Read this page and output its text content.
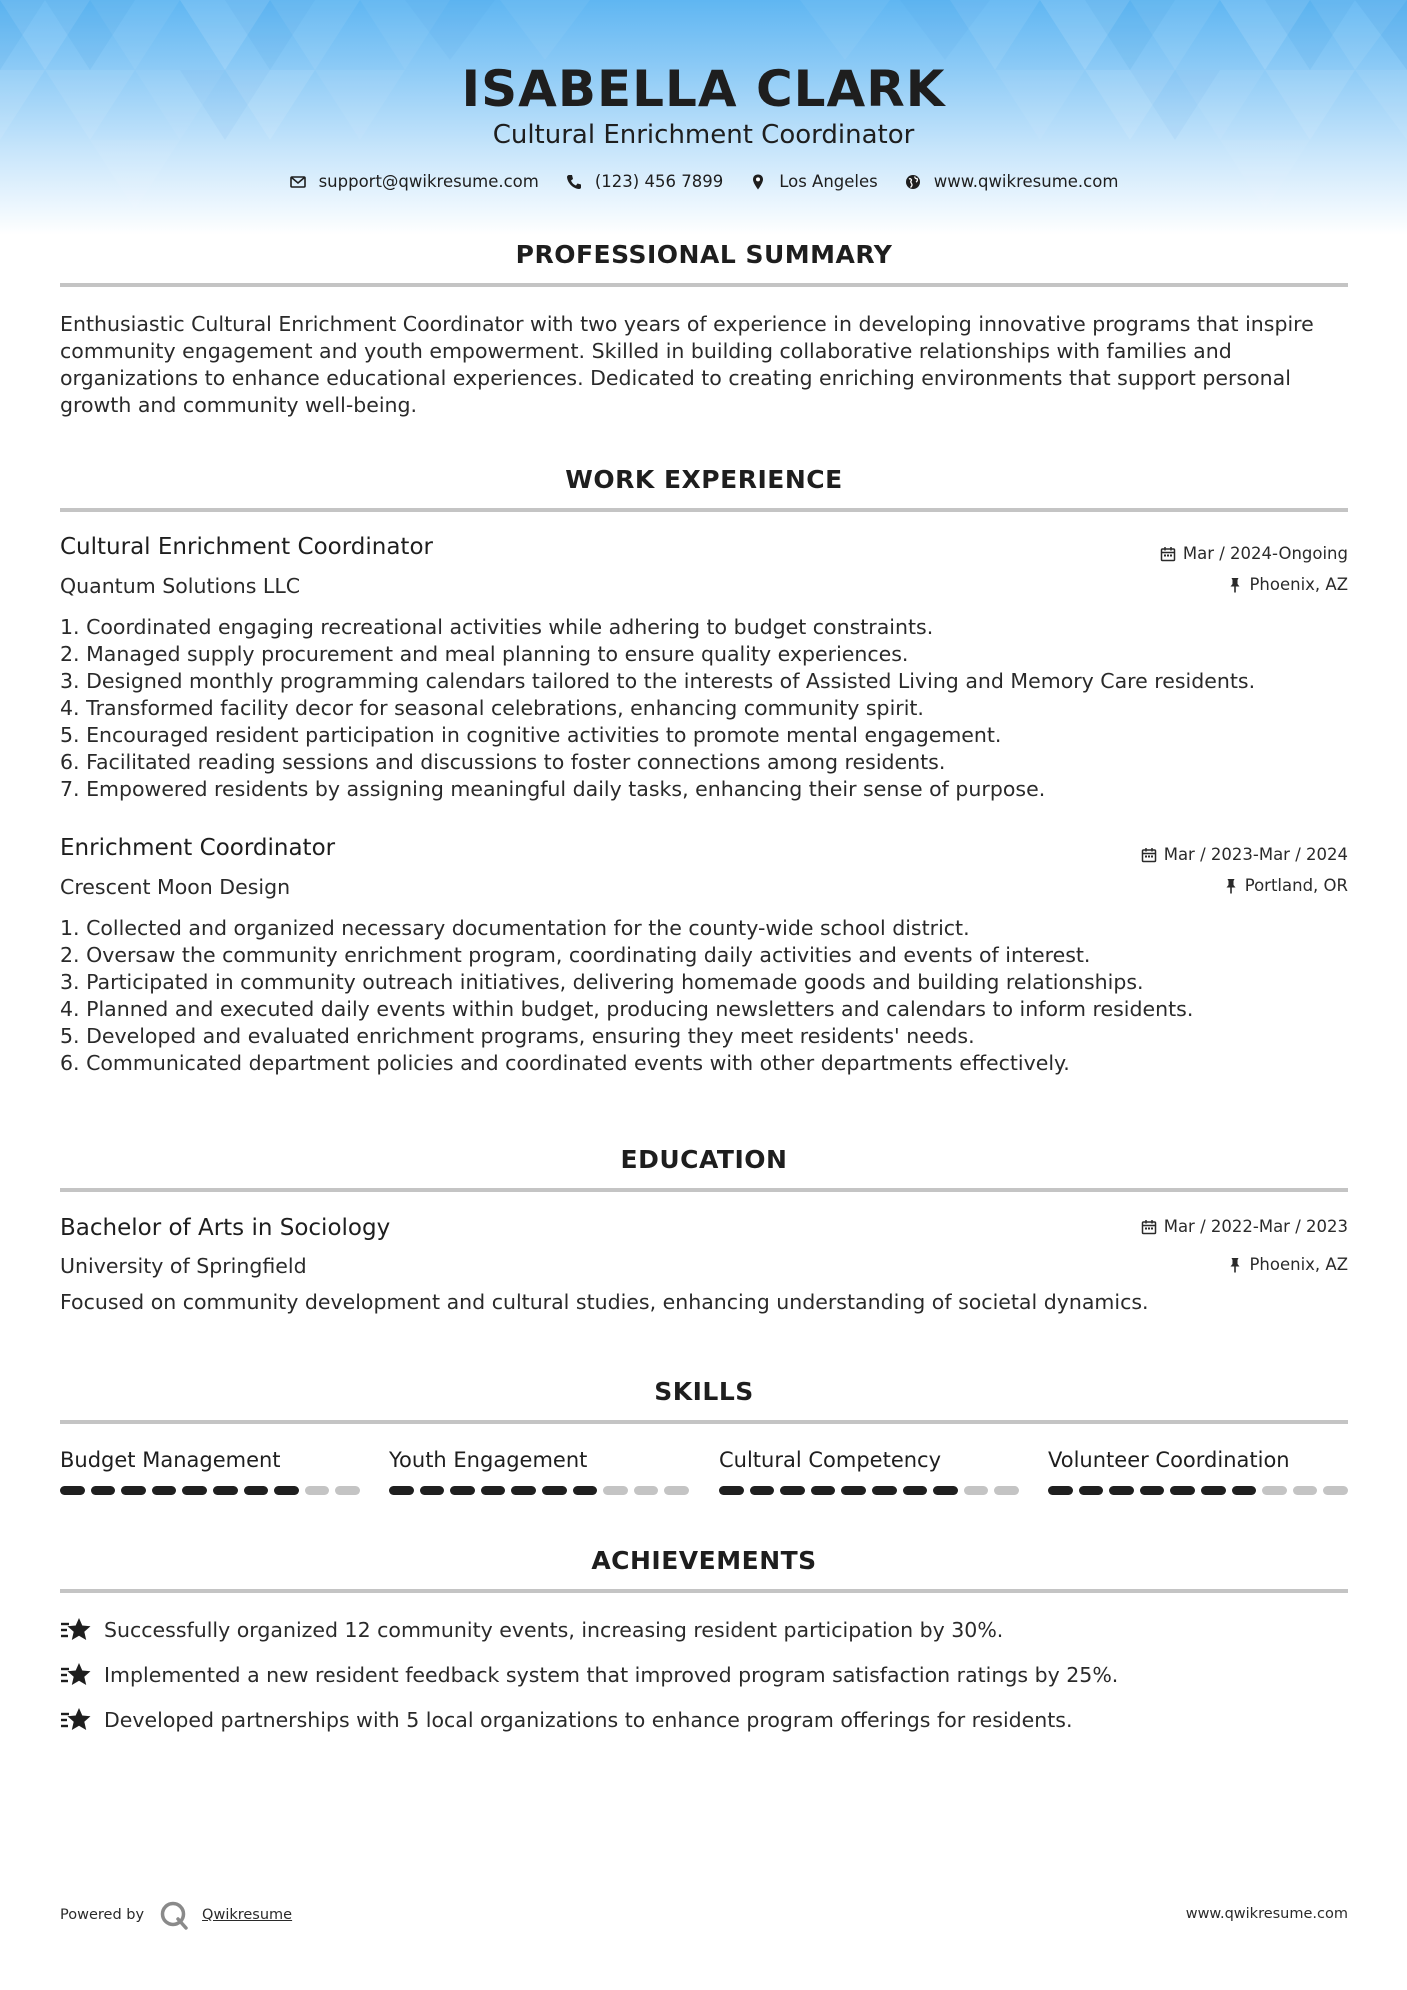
ISABELLA CLARK
Cultural Enrichment Coordinator
support@qwikresume.com	(123) 456 7899	Los Angeles	www.qwikresume.com
PROFESSIONAL SUMMARY
Enthusiastic Cultural Enrichment Coordinator with two years of experience in developing innovative programs that inspire community engagement and youth empowerment. Skilled in building collaborative relationships with families and organizations to enhance educational experiences. Dedicated to creating enriching environments that support personal growth and community well-being.
WORK EXPERIENCE
Cultural Enrichment Coordinator	Mar / 2024-Ongoing
Quantum Solutions LLC	Phoenix, AZ
1. Coordinated engaging recreational activities while adhering to budget constraints.
2. Managed supply procurement and meal planning to ensure quality experiences.
3. Designed monthly programming calendars tailored to the interests of Assisted Living and Memory Care residents.
4. Transformed facility decor for seasonal celebrations, enhancing community spirit.
5. Encouraged resident participation in cognitive activities to promote mental engagement.
6. Facilitated reading sessions and discussions to foster connections among residents.
7. Empowered residents by assigning meaningful daily tasks, enhancing their sense of purpose.
Enrichment Coordinator	Mar / 2023-Mar / 2024
Crescent Moon Design	Portland, OR
1. Collected and organized necessary documentation for the county-wide school district.
2. Oversaw the community enrichment program, coordinating daily activities and events of interest.
3. Participated in community outreach initiatives, delivering homemade goods and building relationships.
4. Planned and executed daily events within budget, producing newsletters and calendars to inform residents.
5. Developed and evaluated enrichment programs, ensuring they meet residents' needs.
6. Communicated department policies and coordinated events with other departments effectively.
EDUCATION
Bachelor of Arts in Sociology	Mar / 2022-Mar / 2023
University of Springfield	Phoenix, AZ
Focused on community development and cultural studies, enhancing understanding of societal dynamics.
SKILLS
Budget Management	Youth Engagement	Cultural Competency	Volunteer Coordination
ACHIEVEMENTS
Successfully organized 12 community events, increasing resident participation by 30%.
Implemented a new resident feedback system that improved program satisfaction ratings by 25%.
Developed partnerships with 5 local organizations to enhance program offerings for residents.
Powered by	Qwikresume	www.qwikresume.com
